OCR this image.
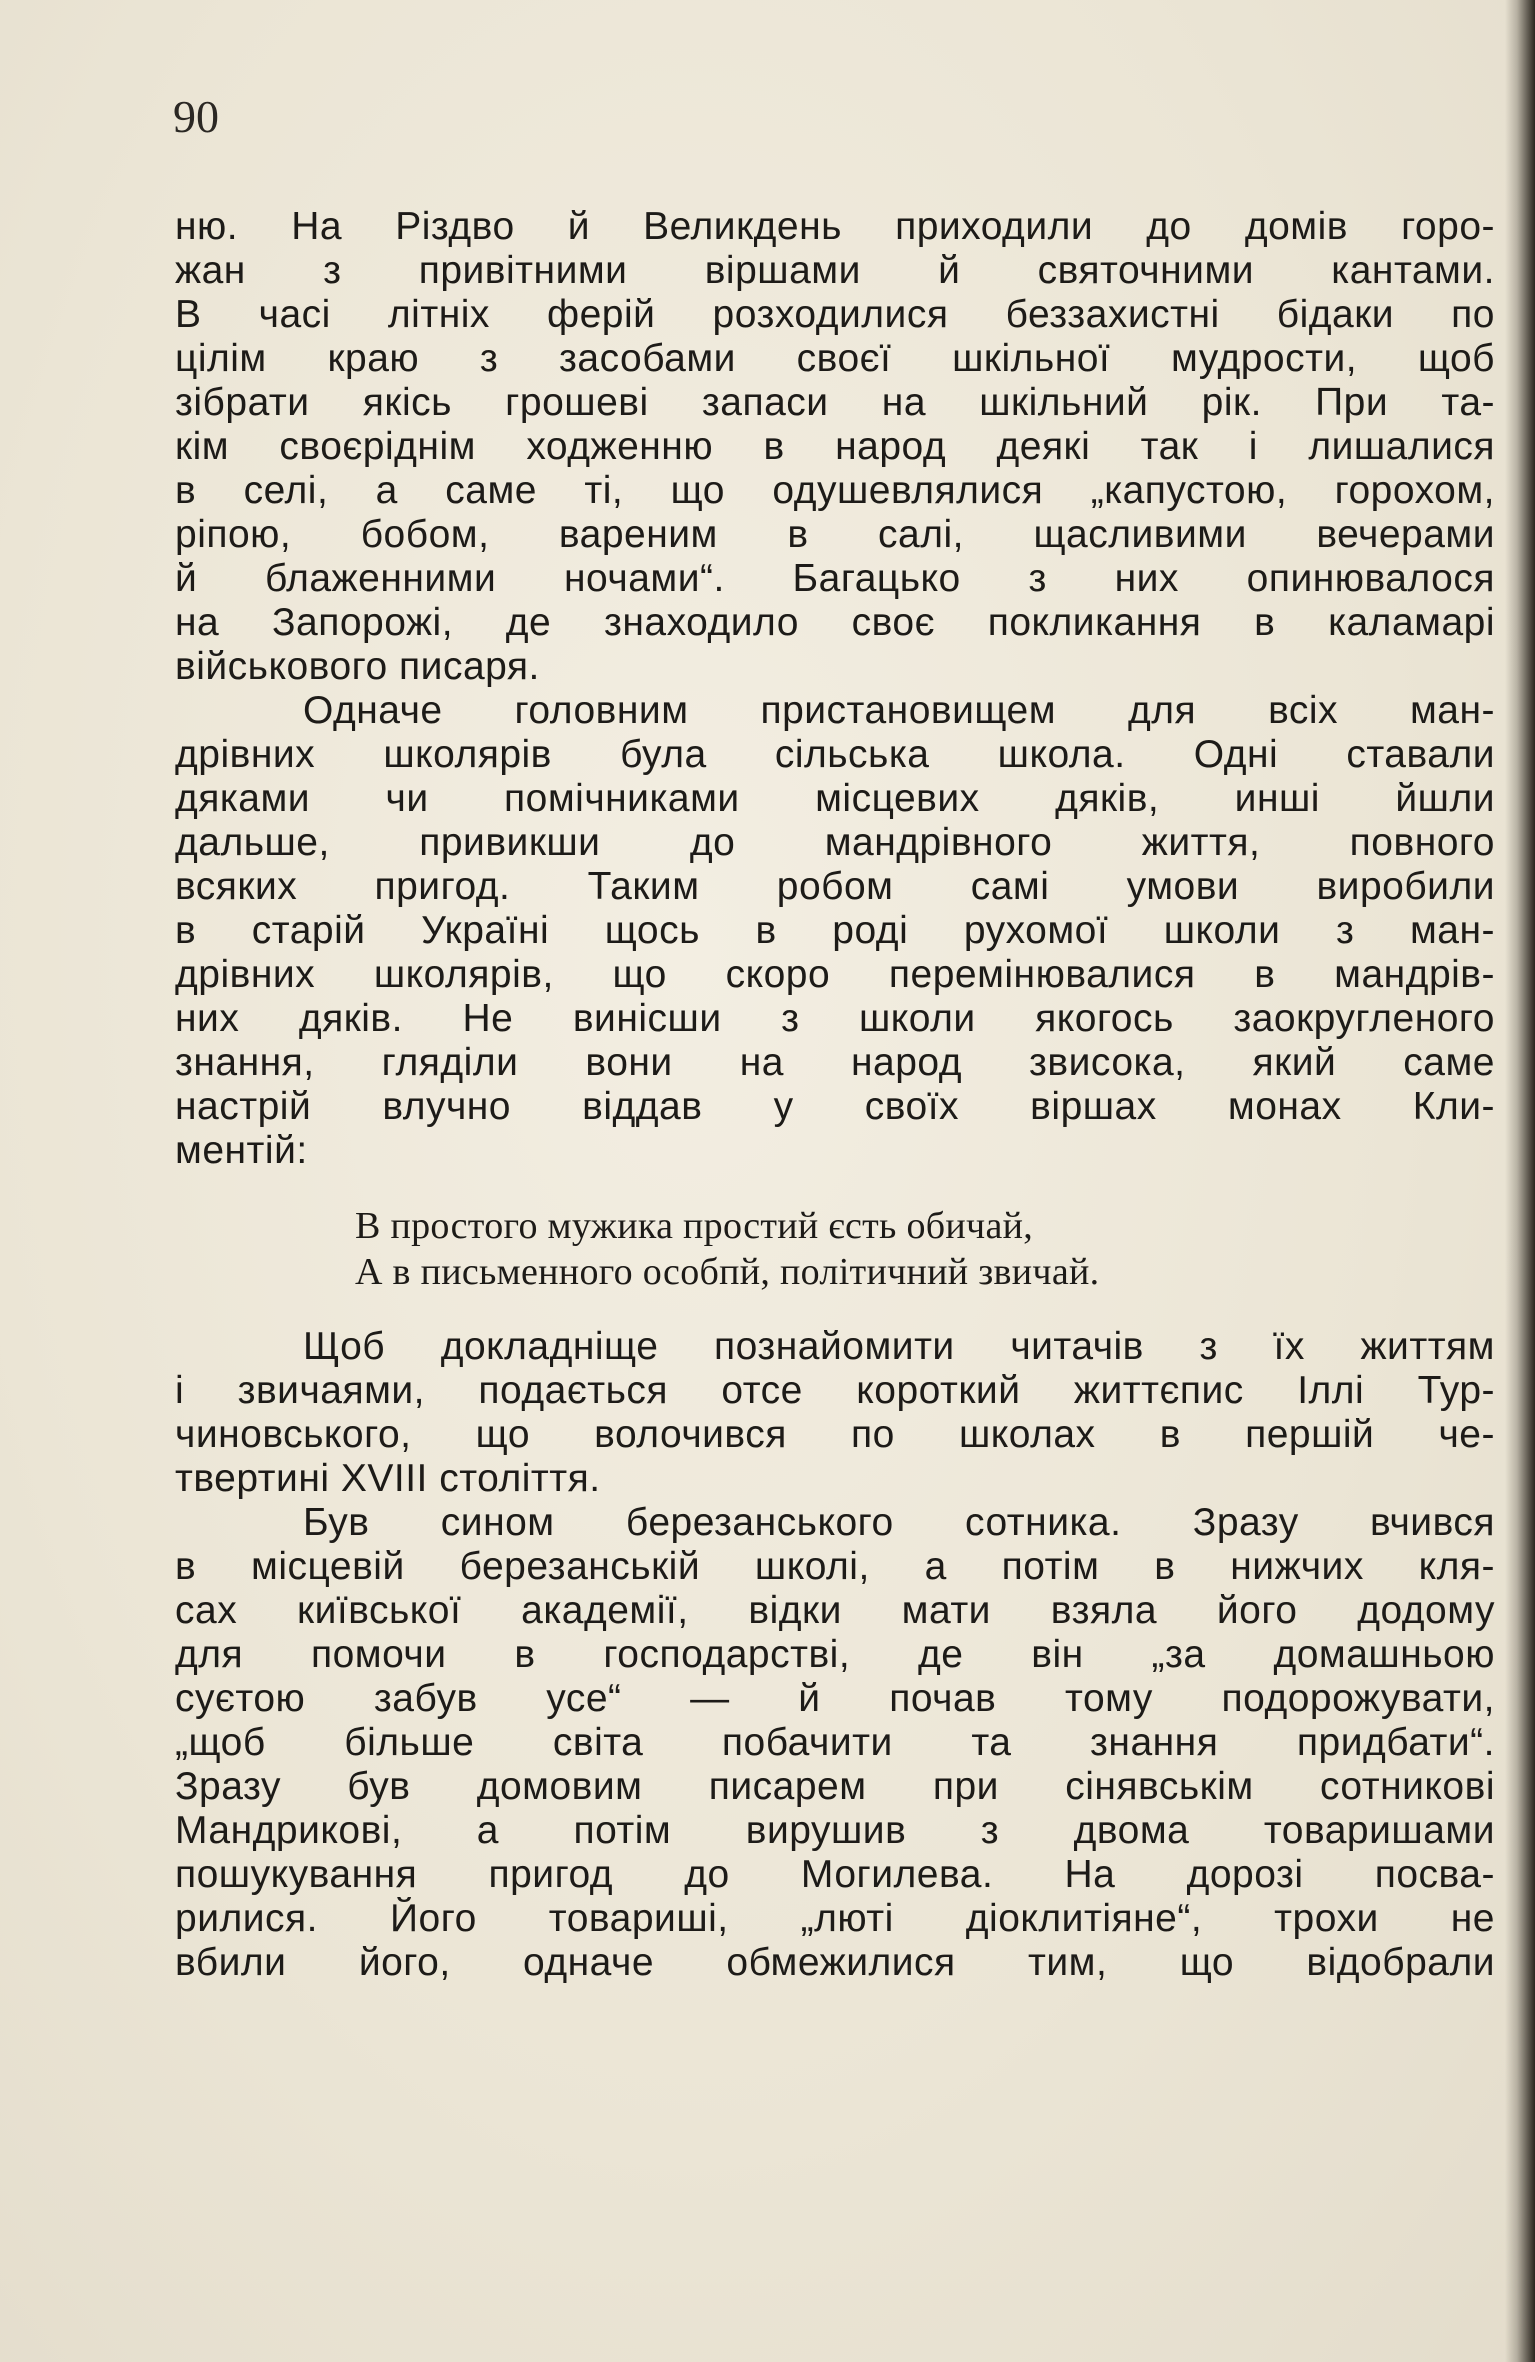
90
ню. На Різдво й Великдень приходили до домів горо-
жан з привітними віршами й святочними кантами.
В часі літніх ферій розходилися беззахистні бідаки по
цілім краю з засобами своєї шкільної мудрости, щоб
зібрати якісь грошеві запаси на шкільний рік. При та-
кім своєріднім ходженню в народ деякі так і лишалися
в селі, а саме ті, що одушевлялися „капустою, горохом,
ріпою, бобом, вареним в салі, щасливими вечерами
й блаженними ночами“. Багацько з них опинювалося
на Запорожі, де знаходило своє покликання в каламарі
військового писаря.
Одначе головним пристановищем для всіх ман-
дрівних школярів була сільська школа. Одні ставали
дяками чи помічниками місцевих дяків, инші йшли
дальше, привикши до мандрівного життя, повного
всяких пригод. Таким робом самі умови виробили
в старій Україні щось в роді рухомої школи з ман-
дрівних школярів, що скоро перемінювалися в мандрів-
них дяків. Не винісши з школи якогось заокругленого
знання, гляділи вони на народ звисока, який саме
настрій влучно віддав у своїх віршах монах Кли-
ментій:
В простого мужика простий єсть обичай,
А в письменного особпй, політичний звичай.
Щоб докладніще познайомити читачів з їх життям
і звичаями, подається отсе короткий життєпис Іллі Тур-
чиновського, що волочився по школах в першій че-
твертині XVIII століття.
Був сином березанського сотника. Зразу вчився
в місцевій березанській школі, а потім в нижчих кля-
сах київської академії, відки мати взяла його додому
для помочи в господарстві, де він „за домашньою
суєтою забув усе“ — й почав тому подорожувати,
„щоб більше світа побачити та знання придбати“.
Зразу був домовим писарем при сінявськім сотникові
Мандрикові, а потім вирушив з двома товаришами
пошукування пригод до Могилева. На дорозі посва-
рилися. Його товариші, „люті діоклитіяне“, трохи не
вбили його, одначе обмежилися тим, що відобрали
